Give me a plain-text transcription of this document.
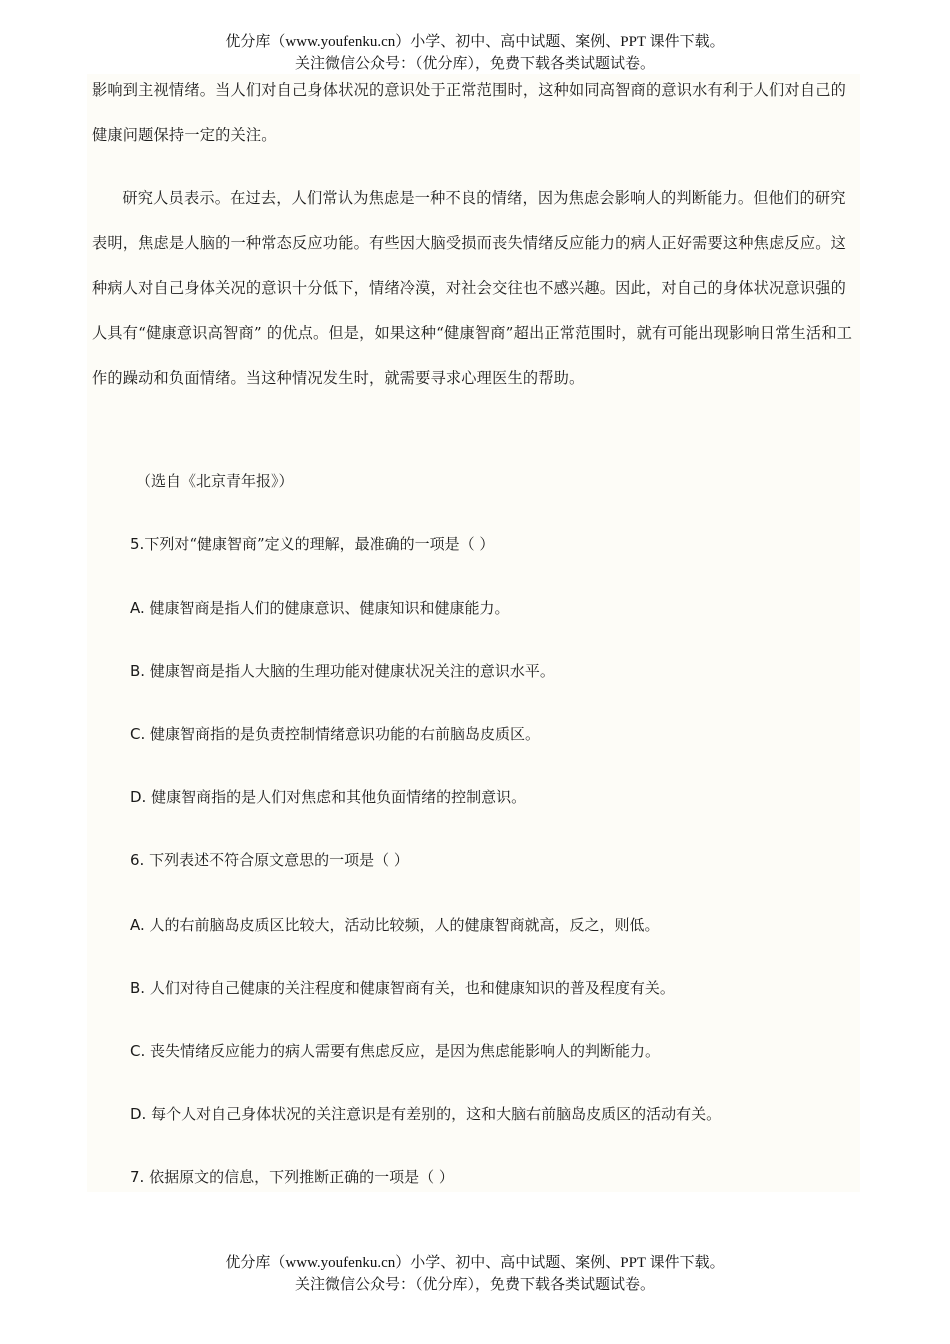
优分库（www.youfenku.cn）小学、初中、高中试题、案例、PPT 课件下载。
关注微信公众号：（优分库），免费下载各类试题试卷。

影响到主视情绪。当人们对自己身体状况的意识处于正常范围时，这种如同高智商的意识水有利于人们对自己的健康问题保持一定的关注。

研究人员表示。在过去，人们常认为焦虑是一种不良的情绪，因为焦虑会影响人的判断能力。但他们的研究表明，焦虑是人脑的一种常态反应功能。有些因大脑受损而丧失情绪反应能力的病人正好需要这种焦虑反应。这种病人对自己身体关况的意识十分低下，情绪冷漠，对社会交往也不感兴趣。因此，对自己的身体状况意识强的人具有“健康意识高智商” 的优点。但是，如果这种“健康智商”超出正常范围时，就有可能出现影响日常生活和工作的躁动和负面情绪。当这种情况发生时，就需要寻求心理医生的帮助。

（选自《北京青年报》）
5.下列对“健康智商”定义的理解，最准确的一项是（ ）
A. 健康智商是指人们的健康意识、健康知识和健康能力。
B. 健康智商是指人大脑的生理功能对健康状况关注的意识水平。
C. 健康智商指的是负责控制情绪意识功能的右前脑岛皮质区。
D. 健康智商指的是人们对焦虑和其他负面情绪的控制意识。
6. 下列表述不符合原文意思的一项是（ ）
A. 人的右前脑岛皮质区比较大，活动比较频，人的健康智商就高，反之，则低。
B. 人们对待自己健康的关注程度和健康智商有关，也和健康知识的普及程度有关。
C. 丧失情绪反应能力的病人需要有焦虑反应，是因为焦虑能影响人的判断能力。
D. 每个人对自己身体状况的关注意识是有差别的，这和大脑右前脑岛皮质区的活动有关。
7. 依据原文的信息，下列推断正确的一项是（ ）
优分库（www.youfenku.cn）小学、初中、高中试题、案例、PPT 课件下载。
关注微信公众号：（优分库），免费下载各类试题试卷。
